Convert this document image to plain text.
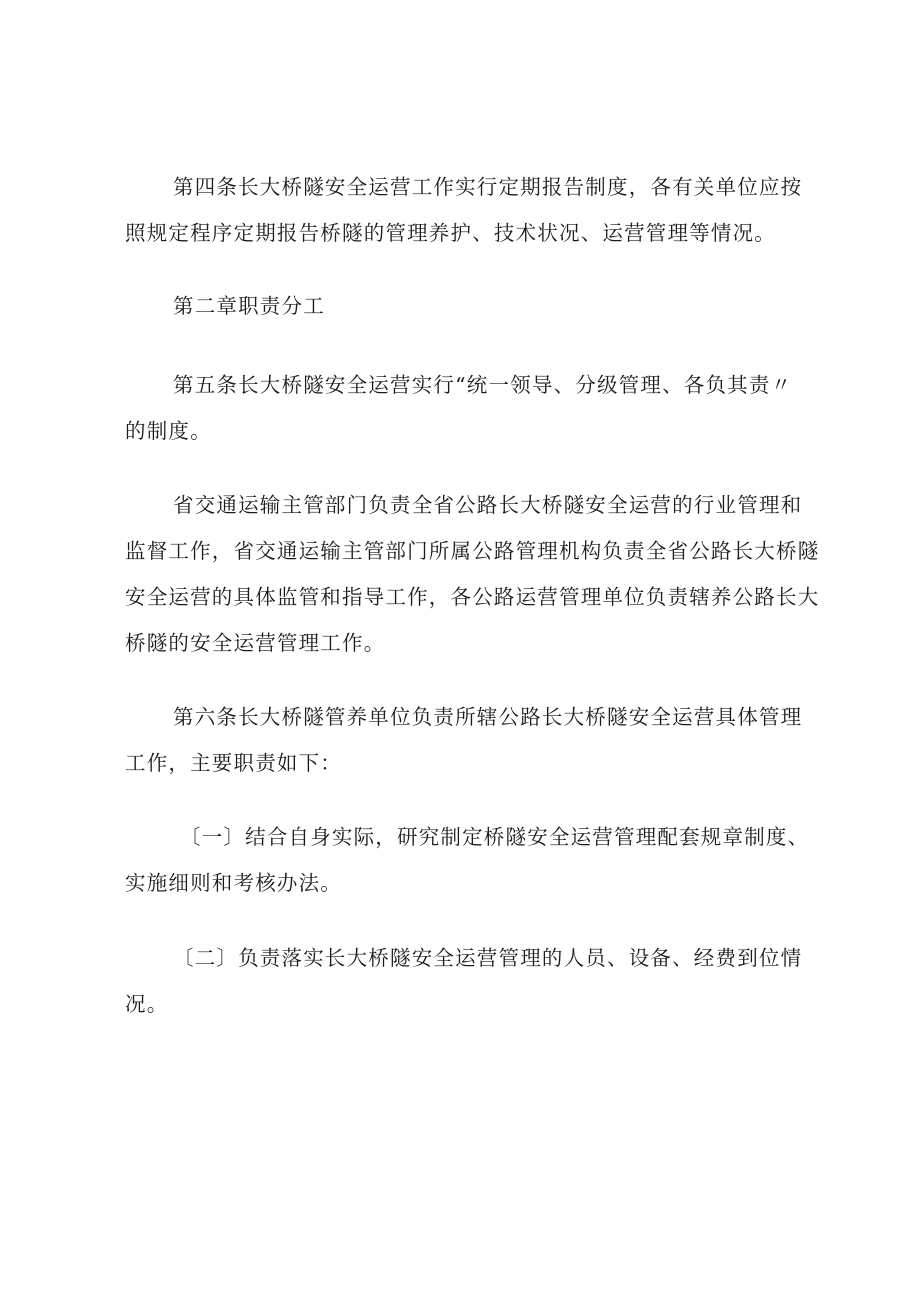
第四条长大桥隧安全运营工作实行定期报告制度，各有关单位应按
照规定程序定期报告桥隧的管理养护、技术状况、运营管理等情况。

第二章职责分工

第五条长大桥隧安全运营实行“统一领导、分级管理、各负其责〃
的制度。

省交通运输主管部门负责全省公路长大桥隧安全运营的行业管理和
监督工作，省交通运输主管部门所属公路管理机构负责全省公路长大桥隧
安全运营的具体监管和指导工作，各公路运营管理单位负责辖养公路长大
桥隧的安全运营管理工作。

第六条长大桥隧管养单位负责所辖公路长大桥隧安全运营具体管理
工作，主要职责如下：

〔一〕结合自身实际，研究制定桥隧安全运营管理配套规章制度、
实施细则和考核办法。

〔二〕负责落实长大桥隧安全运营管理的人员、设备、经费到位情
况。
